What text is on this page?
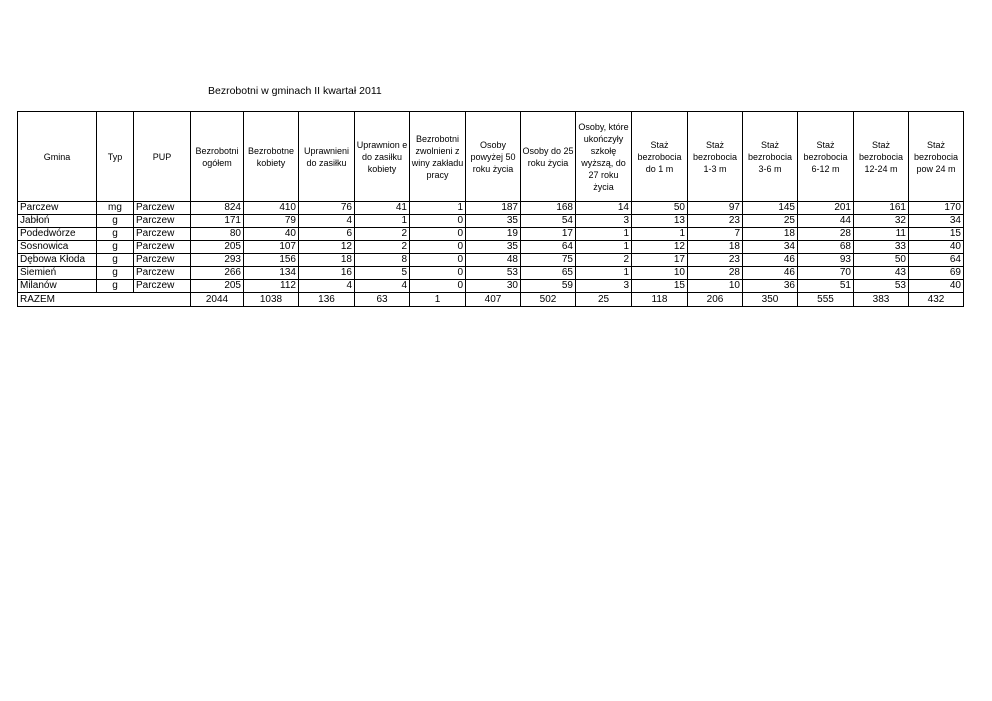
Bezrobotni w gminach II kwartał 2011
Gmina	Typ	PUP	Bezrobotni ogółem	Bezrobotne kobiety	Uprawnieni do zasiłku	Uprawnion e do zasiłku kobiety	Bezrobotni zwolnieni z winy zakładu pracy	Osoby powyżej 50 roku życia	Osoby do 25 roku życia	Osoby, które ukończyły szkołę wyższą, do 27 roku życia	Staż bezrobocia do 1 m	Staż bezrobocia 1-3 m	Staż bezrobocia 3-6 m	Staż bezrobocia 6-12 m	Staż bezrobocia 12-24 m	Staż bezrobocia pow 24 m
Parczew	mg	Parczew	824	410	76	41	1	187	168	14	50	97	145	201	161	170
Jabłoń	g	Parczew	171	79	4	1	0	35	54	3	13	23	25	44	32	34
Podedwórze	g	Parczew	80	40	6	2	0	19	17	1	1	7	18	28	11	15
Sosnowica	g	Parczew	205	107	12	2	0	35	64	1	12	18	34	68	33	40
Dębowa Kłoda	g	Parczew	293	156	18	8	0	48	75	2	17	23	46	93	50	64
Siemień	g	Parczew	266	134	16	5	0	53	65	1	10	28	46	70	43	69
Milanów	g	Parczew	205	112	4	4	0	30	59	3	15	10	36	51	53	40
RAZEM			2044	1038	136	63	1	407	502	25	118	206	350	555	383	432
